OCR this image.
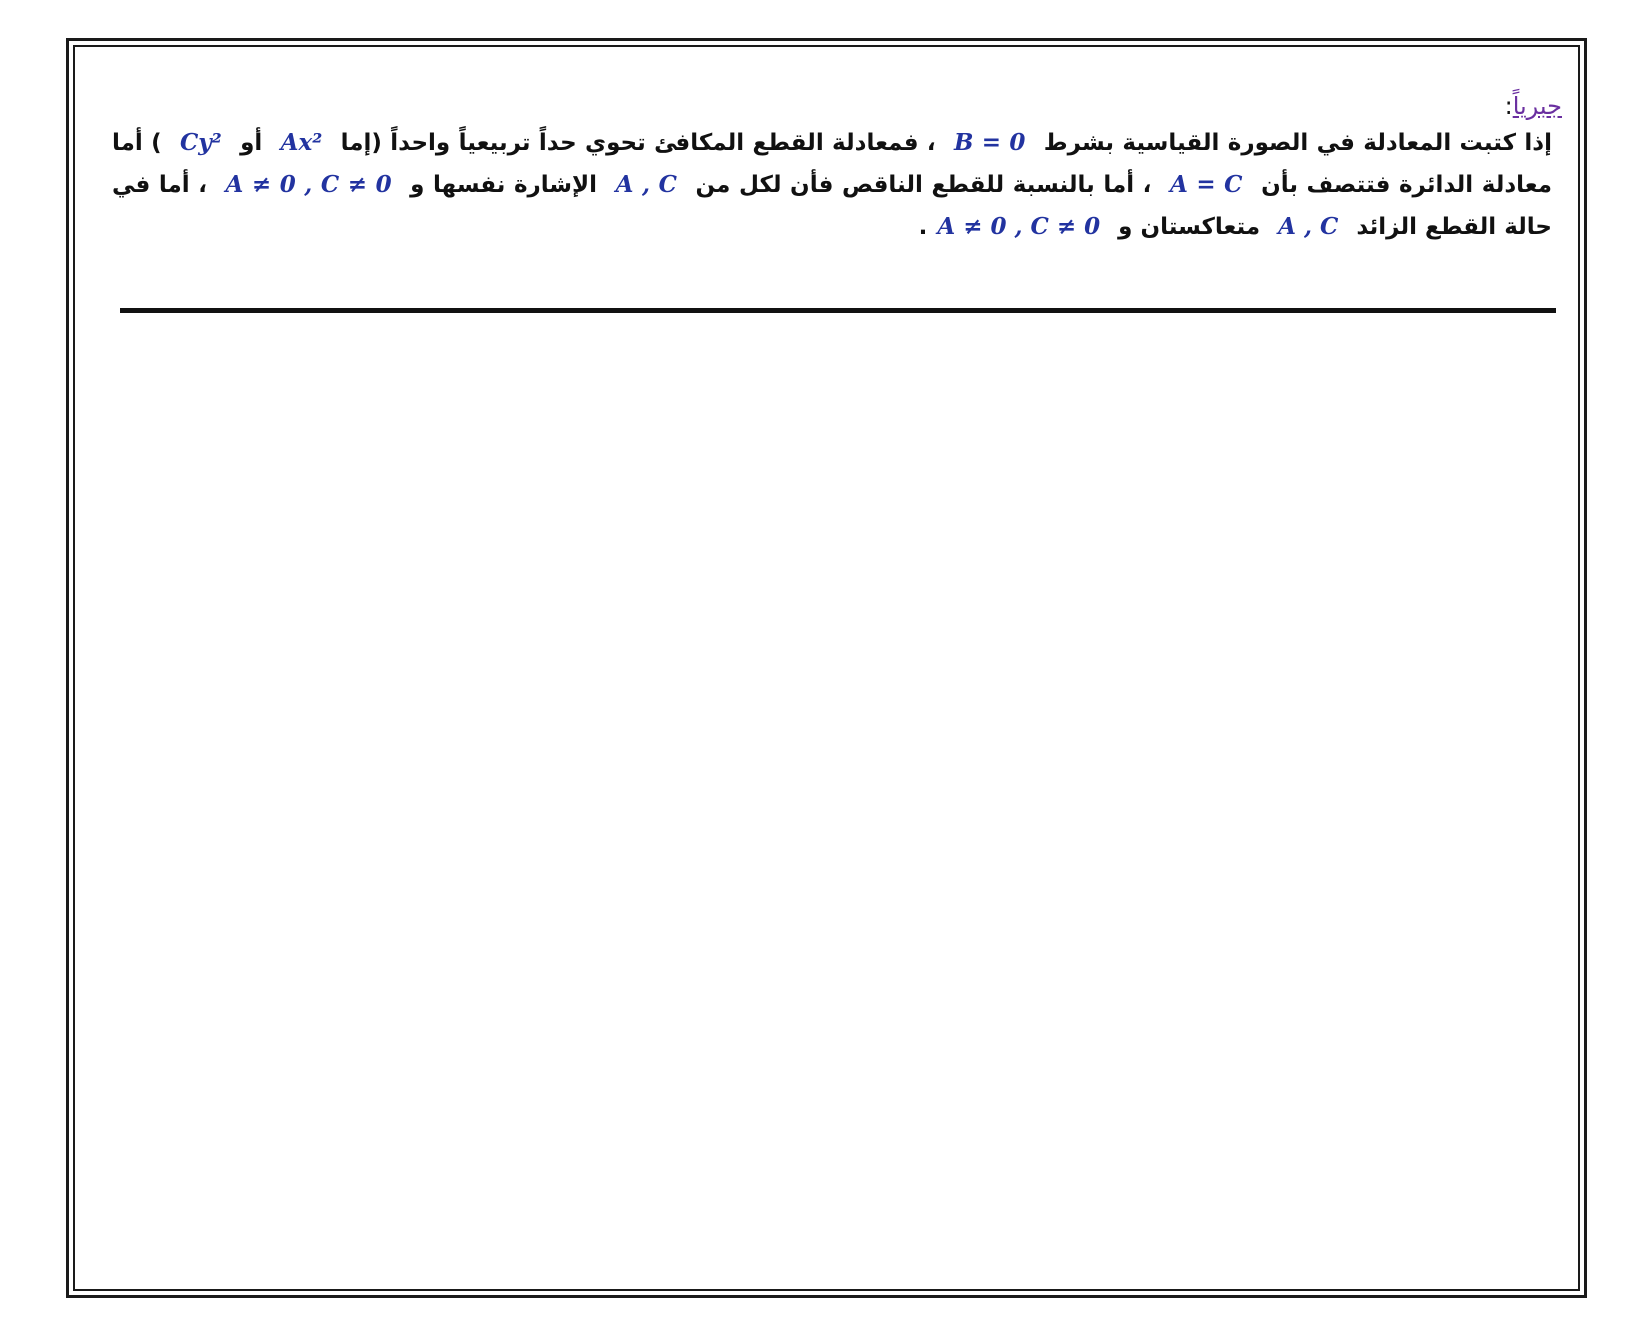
جبرياً:

إذا كتبت المعادلة في الصورة القياسية بشرط B = 0 ، فمعادلة القطع المكافئ تحوي حداً تربيعياً واحداً (إما Ax² أو Cy² ) أما معادلة الدائرة فتتصف بأن A = C ، أما بالنسبة للقطع الناقص فأن لكل من A , C الإشارة نفسها و A ≠ 0 , C ≠ 0 ، أما في حالة القطع الزائد A , C متعاكستان و A ≠ 0 , C ≠ 0.
